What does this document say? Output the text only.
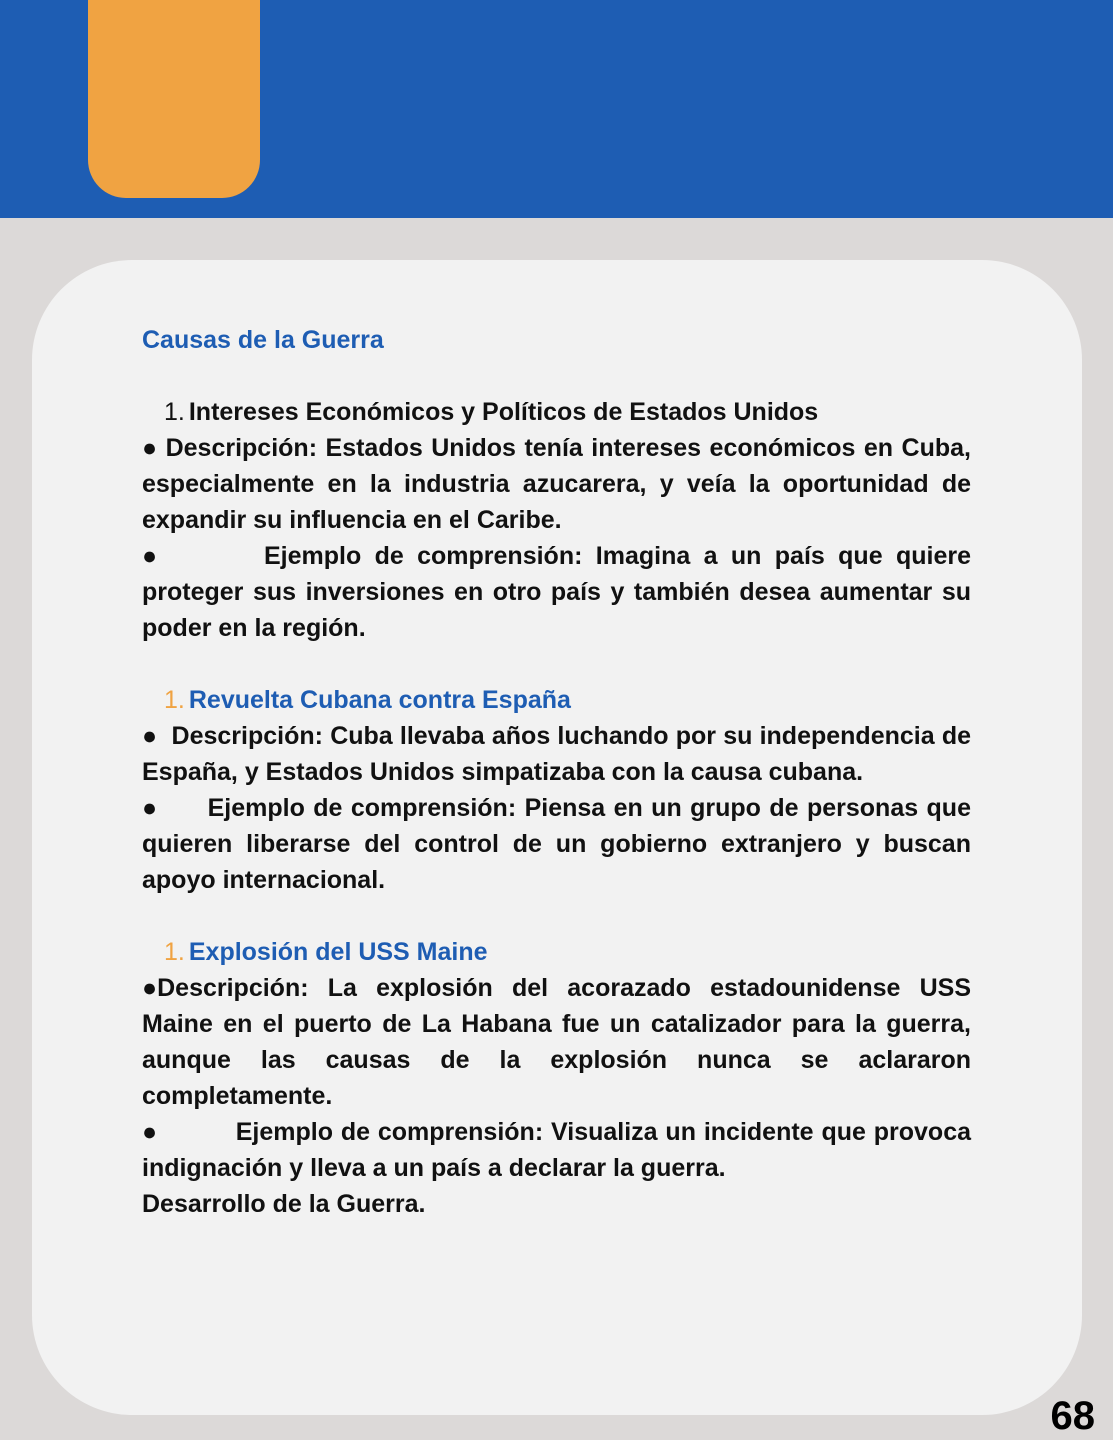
Causas de la Guerra
1. Intereses Económicos y Políticos de Estados Unidos
● Descripción: Estados Unidos tenía intereses económicos en Cuba, especialmente en la industria azucarera, y veía la oportunidad de expandir su influencia en el Caribe.
●	Ejemplo de comprensión: Imagina a un país que quiere proteger sus inversiones en otro país y también desea aumentar su poder en la región.
1. Revuelta Cubana contra España
● Descripción: Cuba llevaba años luchando por su independencia de España, y Estados Unidos simpatizaba con la causa cubana.
● Ejemplo de comprensión: Piensa en un grupo de personas que quieren liberarse del control de un gobierno extranjero y buscan apoyo internacional.
1. Explosión del USS Maine
●Descripción: La explosión del acorazado estadounidense USS Maine en el puerto de La Habana fue un catalizador para la guerra, aunque las causas de la explosión nunca se aclararon completamente.
●	Ejemplo de comprensión: Visualiza un incidente que provoca indignación y lleva a un país a declarar la guerra.
Desarrollo de la Guerra.
68
